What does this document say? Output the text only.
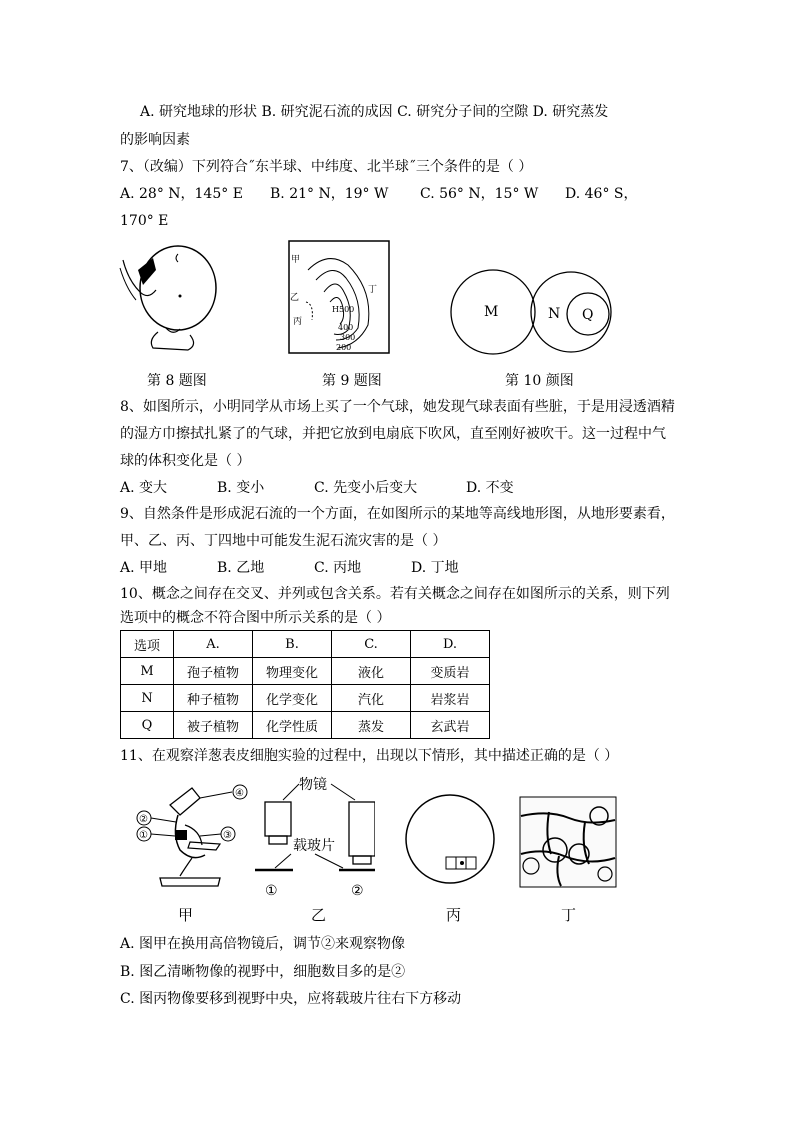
A. 研究地球的形状 B. 研究泥石流的成因 C. 研究分子间的空隙 D. 研究蒸发
的影响因素
7、（改编）下列符合˝东半球、中纬度、北半球˝三个条件的是（ ）
A. 28° N，145° E B. 21° N，19° W C. 56° N，15° W D. 46° S，
170° E
甲
乙
丙
丁
H500
400
300
200
M	N Q
第 8 题图	第 9 题图	第 10 颜图
8、如图所示，小明同学从市场上买了一个气球，她发现气球表面有些脏，于是用浸透酒精
的湿方巾擦拭扎紧了的气球，并把它放到电扇底下吹风，直至刚好被吹干。这一过程中气
球的体积变化是（ ）
A. 变大	B. 变小	C. 先变小后变大	D. 不变
9、自然条件是形成泥石流的一个方面，在如图所示的某地等高线地形图，从地形要素看，
甲、乙、丙、丁四地中可能发生泥石流灾害的是（ ）
A. 甲地	B. 乙地	C. 丙地	D. 丁地
10、概念之间存在交叉、并列或包含关系。若有关概念之间存在如图所示的关系，则下列
选项中的概念不符合图中所示关系的是（ ）
选项	A.	B.	C.	D.
M	孢子植物	物理变化	液化	变质岩
N	种子植物	化学变化	汽化	岩浆岩
Q	被子植物	化学性质	蒸发	玄武岩
11、在观察洋葱表皮细胞实验的过程中，出现以下情形，其中描述正确的是（ ）
④
②
①	③
物镜
载玻片
①	②
甲	乙	丙	丁
A. 图甲在换用高倍物镜后，调节②来观察物像
B. 图乙清晰物像的视野中，细胞数目多的是②
C. 图丙物像要移到视野中央，应将载玻片往右下方移动
